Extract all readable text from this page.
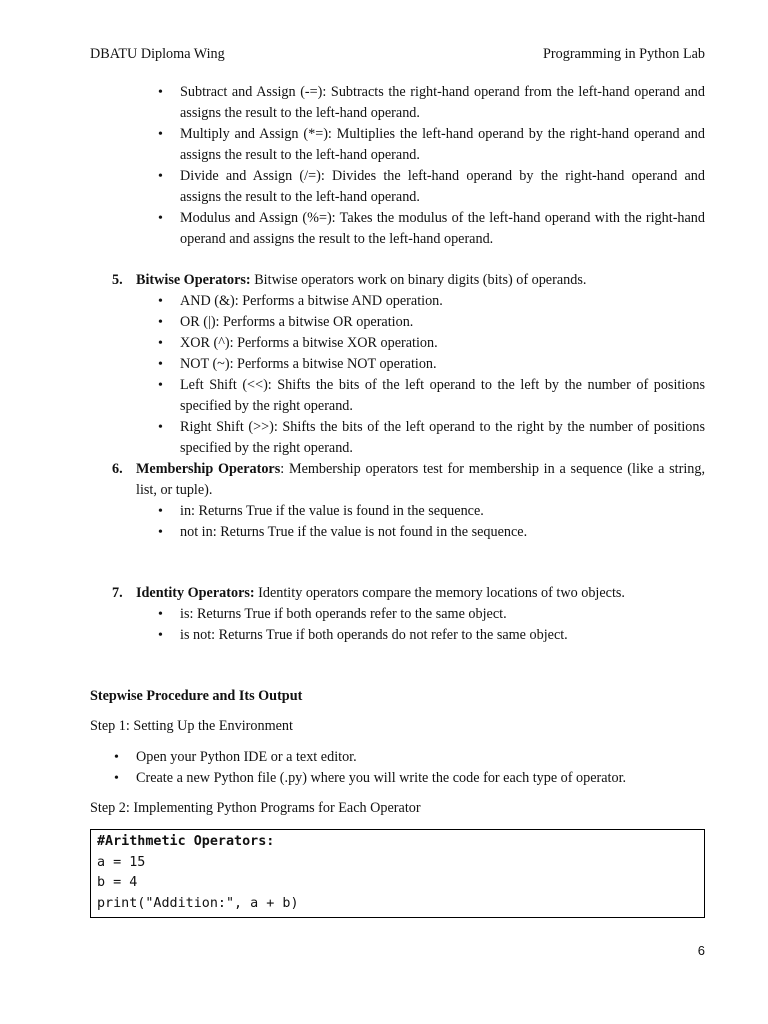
DBATU Diploma Wing	Programming in Python Lab
• Subtract and Assign (-=): Subtracts the right-hand operand from the left-hand operand and assigns the result to the left-hand operand.
• Multiply and Assign (*=): Multiplies the left-hand operand by the right-hand operand and assigns the result to the left-hand operand.
• Divide and Assign (/=): Divides the left-hand operand by the right-hand operand and assigns the result to the left-hand operand.
• Modulus and Assign (%=): Takes the modulus of the left-hand operand with the right-hand operand and assigns the result to the left-hand operand.
5. Bitwise Operators: Bitwise operators work on binary digits (bits) of operands.
• AND (&): Performs a bitwise AND operation.
• OR (|): Performs a bitwise OR operation.
• XOR (^): Performs a bitwise XOR operation.
• NOT (~): Performs a bitwise NOT operation.
• Left Shift (<<): Shifts the bits of the left operand to the left by the number of positions specified by the right operand.
• Right Shift (>>): Shifts the bits of the left operand to the right by the number of positions specified by the right operand.
6. Membership Operators: Membership operators test for membership in a sequence (like a string, list, or tuple).
• in: Returns True if the value is found in the sequence.
• not in: Returns True if the value is not found in the sequence.
7. Identity Operators: Identity operators compare the memory locations of two objects.
• is: Returns True if both operands refer to the same object.
• is not: Returns True if both operands do not refer to the same object.

Stepwise Procedure and Its Output

Step 1: Setting Up the Environment

• Open your Python IDE or a text editor.
• Create a new Python file (.py) where you will write the code for each type of operator.

Step 2: Implementing Python Programs for Each Operator

#Arithmetic Operators:
a = 15
b = 4
print("Addition:", a + b)
6
